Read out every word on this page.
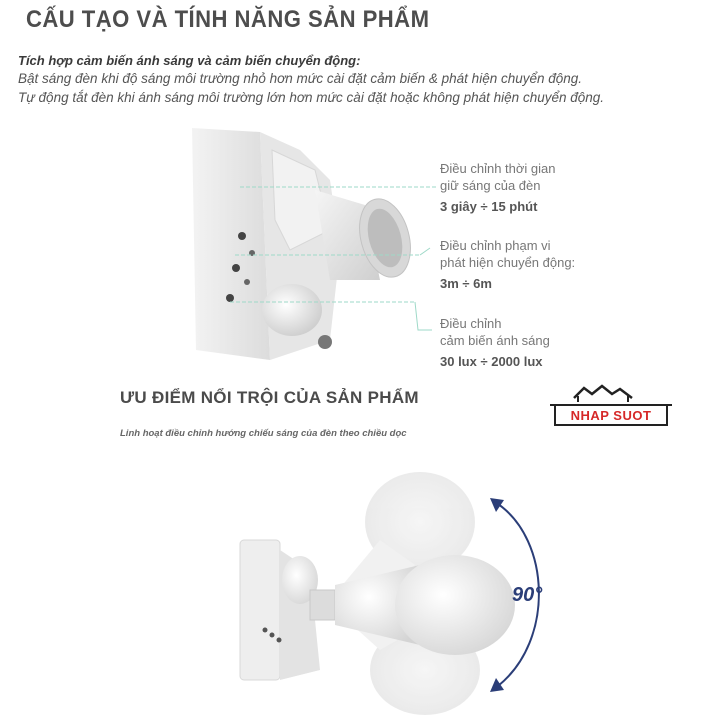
CẤU TẠO VÀ TÍNH NĂNG SẢN PHẨM
Tích hợp cảm biến ánh sáng và cảm biến chuyển động:
Bật sáng đèn khi độ sáng môi trường nhỏ hơn mức cài đặt cảm biến & phát hiện chuyển động.
Tự động tắt đèn khi ánh sáng môi trường lớn hơn mức cài đặt hoặc không phát hiện chuyển động.
Điều chỉnh thời gian
giữ sáng của đèn
3 giây ÷ 15 phút
Điều chỉnh phạm vi
phát hiện chuyển động:
3m ÷ 6m
Điều chỉnh
cảm biến ánh sáng
30 lux ÷ 2000 lux
ƯU ĐIỂM NỔI TRỘI CỦA SẢN PHẨM
Linh hoạt điều chỉnh hướng chiếu sáng của đèn theo chiều dọc
NHAP SUOT
90°
